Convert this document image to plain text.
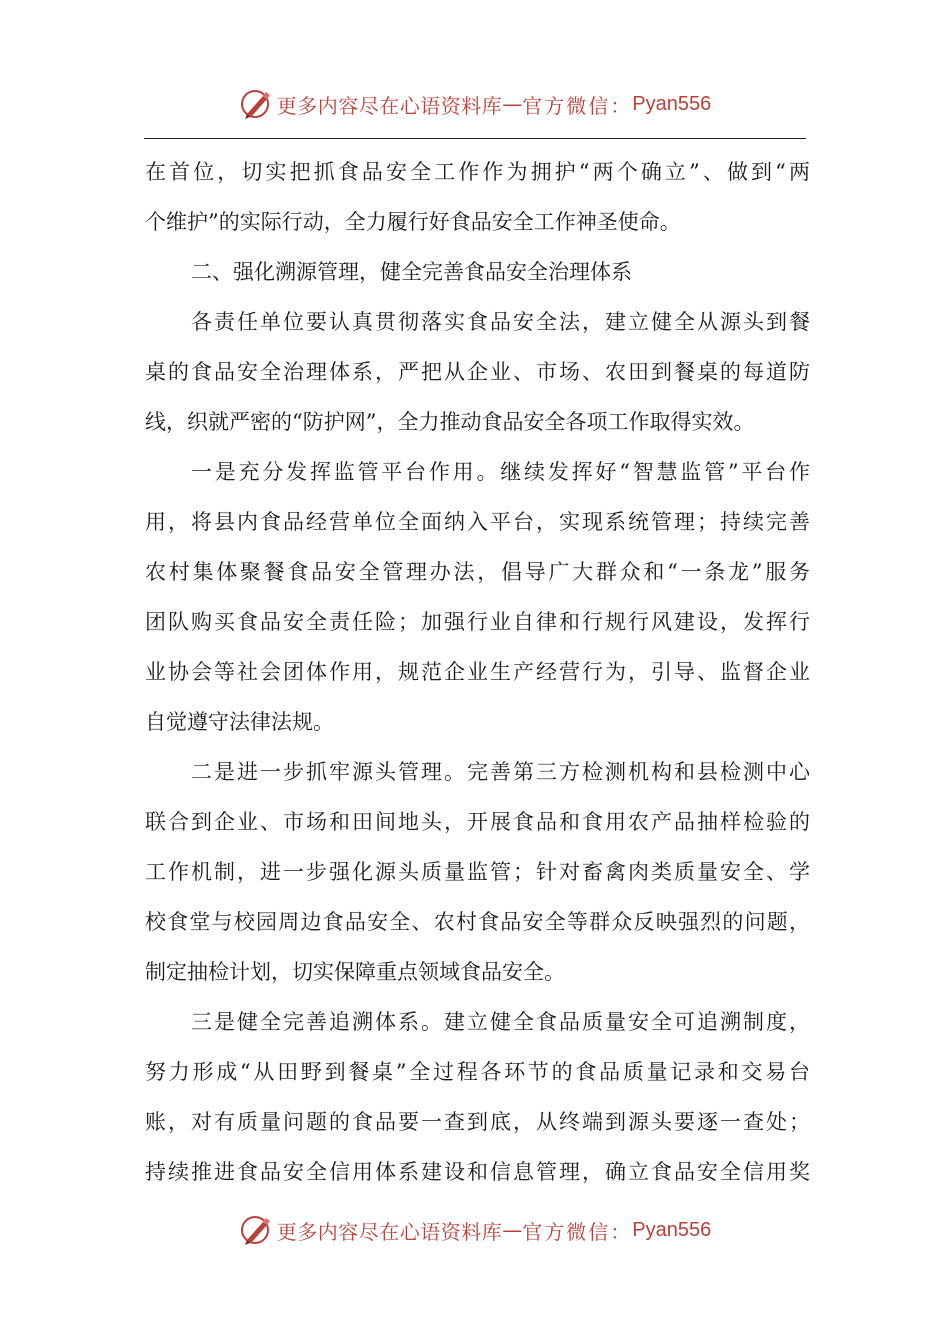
更多内容尽在心语资料库 — 官方微信： Pyan556
在首位，切实把抓食品安全工作作为拥护“两个确立”、做到“两
个维护”的实际行动，全力履行好食品安全工作神圣使命。
二、强化溯源管理，健全完善食品安全治理体系
各责任单位要认真贯彻落实食品安全法，建立健全从源头到餐
桌的食品安全治理体系，严把从企业、市场、农田到餐桌的每道防
线，织就严密的“防护网”，全力推动食品安全各项工作取得实效。
一是充分发挥监管平台作用。继续发挥好“智慧监管”平台作
用，将县内食品经营单位全面纳入平台，实现系统管理；持续完善
农村集体聚餐食品安全管理办法，倡导广大群众和“一条龙”服务
团队购买食品安全责任险；加强行业自律和行规行风建设，发挥行
业协会等社会团体作用，规范企业生产经营行为，引导、监督企业
自觉遵守法律法规。
二是进一步抓牢源头管理。完善第三方检测机构和县检测中心
联合到企业、市场和田间地头，开展食品和食用农产品抽样检验的
工作机制，进一步强化源头质量监管；针对畜禽肉类质量安全、学
校食堂与校园周边食品安全、农村食品安全等群众反映强烈的问题，
制定抽检计划，切实保障重点领域食品安全。
三是健全完善追溯体系。建立健全食品质量安全可追溯制度，
努力形成“从田野到餐桌”全过程各环节的食品质量记录和交易台
账，对有质量问题的食品要一查到底，从终端到源头要逐一查处；
持续推进食品安全信用体系建设和信息管理，确立食品安全信用奖
更多内容尽在心语资料库 — 官方微信： Pyan556
